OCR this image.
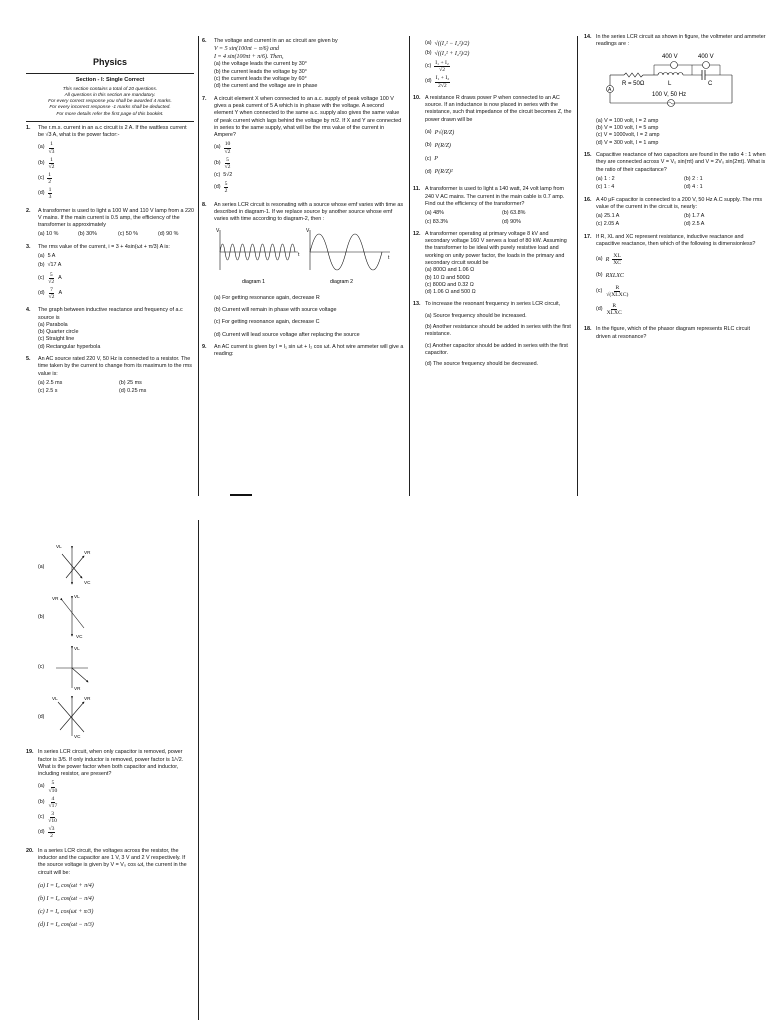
Physics
Section - I: Single Correct
This section contains a total of 20 questions.
All questions in this section are mandatory.
For every correct response you shall be awarded 4 marks.
For every incorrect response -1 marks shall be deducted.
For more details refer the first page of this booklet.
1.	The r.m.s. current in an a.c circuit is 2 A. If the wattless current be √3 A, what is the power factor:-
$(a) \frac{1}{√3}$
$(b) \frac{1}{√2}$
$(c) \frac{1}{2}$
$(d) \frac{1}{3}$
2.	A transformer is used to light a 100 W and 110 V lamp from a 220 V mains. If the main current is 0.5 amp, the efficiency of the transformer is approximately
(a) 10 %	(b) 30%	(c) 50 %	(d) 90 %
3.	The rms value of the current, i = 3 + 4sin(ωt + π/3) A is:
(a) 5 A
(b) √17 A
$(c) \frac{5}{√2}$ A
$(d) \frac{7}{√2}$ A
4.	The graph between inductive reactance and frequency of a.c source is
(a) Parabola
(b) Quarter circle
(c) Straight line
(d) Rectangular hyperbola
5.	An AC source rated 220 V, 50 Hz is connected to a resistor. The time taken by the current to change from its maximum to the rms value is:
(a) 2.5 ms	(b) 25 ms
(c) 2.5 s	(d) 0.25 ms
6.	The voltage and current in an ac circuit are given by
V = 5 sin(100πt − π/6) and
I = 4 sin(100πt + π/6). Then,
(a) the voltage leads the current by 30°
(b) the current leads the voltage by 30°
(c) the current leads the voltage by 60°
(d) the current and the voltage are in phase
7.	A circuit element X when connected to an a.c. supply of peak voltage 100 V gives a peak current of 5 A which is in phase with the voltage. A second element Y when connected to the same a.c. supply also gives the same value of peak current which lags behind the voltage by π/2. If X and Y are connected in series to the same supply, what will be the rms value of the current in Ampere?
$(a) \frac{10}{√2}$
$(b) \frac{5}{√2}$
(c) 5√2
$(d) \frac{5}{2}$
8.	An series LCR circuit is resonating with a source whose emf varies with time as described in diagram-1. If we replace source by another source whose emf varies with time according to diagram-2, then :
V
t
diagram 1
V
t
diagram 2
(a) For getting resonance again, decrease R
(b) Current will remain in phase with source voltage
(c) For getting resonance again, decrease C
(d) Current will lead source voltage after replacing the source
9.	An AC current is given by I = I₁ sin ωt + I₂ cos ωt. A hot wire ammeter will give a reading:
(a) √((I₁² − I₂²)/2)
(b) √((I₁² + I₂²)/2)
$(c) \frac{\text{I₁ + I₂}}{√2}$
$(d) \frac{\text{I₁ + I₂}}{2√2}$
10. A resistance R draws power P when connected to an AC source. If an inductance is now placed in series with the resistance, such that impedance of the circuit becomes Z, the power drawn will be
(a) P√(R/Z)
(b) P(R/Z)
(c) P
(d) P(R/Z)²
11. A transformer is used to light a 140 watt, 24 volt lamp from 240 V AC mains. The current in the main cable is 0.7 amp. Find out the efficiency of the transformer?
(a) 48%	(b) 63.8%
(c) 83.3%	(d) 90%
12. A transformer operating at primary voltage 8 kV and secondary voltage 160 V serves a load of 80 kW. Assuming the transformer to be ideal with purely resistive load and working on unity power factor, the loads in the primary and secondary circuit would be
(a) 800Ω and 1.06 Ω
(b) 10 Ω and 500Ω
(c) 800Ω and 0.32 Ω
(d) 1.06 Ω and 500 Ω
13. To increase the resonant frequency in series LCR circuit,
(a) Source frequency should be increased.
(b) Another resistance should be added in series with the first resistance.
(c) Another capacitor should be added in series with the first capacitor.
(d) The source frequency should be decreased.
14. In the series LCR circuit as shown in figure, the voltmeter and ammeter readings are :
400 V	400 V
A
R = 50Ω	L	C
100 V, 50 Hz
(a) V = 100 volt, I = 2 amp
(b) V = 100 volt, I = 5 amp
(c) V = 1000volt, I = 2 amp
(d) V = 300 volt, I = 1 amp
15. Capacitive reactance of two capacitors are found in the ratio 4 : 1 when they are connected across V = V₀ sin(πt) and V = 2V₀ sin(2πt). What is the ratio of their capacitance?
(a) 1 : 2	(b) 2 : 1
(c) 1 : 4	(d) 4 : 1
16. A 40 μF capacitor is connected to a 200 V, 50 Hz A.C supply. The rms value of the current in the circuit is, nearly:
(a) 25.1 A	(b) 1.7 A
(c) 2.05 A	(d) 2.5 A
17. If R, XL and XC represent resistance, inductive reactance and capacitive reactance, then which of the following is dimensionless?
(a) R $\frac{XL}{XC}$
(b) RXLXC
$(c) \frac{R}{\text{√(XLXC)}}$
$(d) \frac{R}{\text{XLXC}}$
18. In the figure, which of the phasor diagram represents RLC circuit driven at resonance?
(a)
VL
VR
VC
(b)
VR	VL
VC
(c)
VL
VR
(d)
VL	VR
VC
19. In series LCR circuit, when only capacitor is removed, power factor is 3/5. If only inductor is removed, power factor is 1/√2. What is the power factor when both capacitor and inductor, including resistor, are present?
$(a) \frac{5}{√10}$
$(b) \frac{4}{√17}$
$(c) \frac{3}{√10}$
$(d) \frac{√3}{2}$
20. In a series LCR circuit, the voltages across the resistor, the inductor and the capacitor are 1 V, 3 V and 2 V respectively. If the source voltage is given by V = V₀ cos ωt, the current in the circuit will be:
(a) I = I₀ cos(ωt + π/4)
(b) I = I₀ cos(ωt − π/4)
(c) I = I₀ cos(ωt + π/3)
(d) I = I₀ cos(ωt − π/3)
